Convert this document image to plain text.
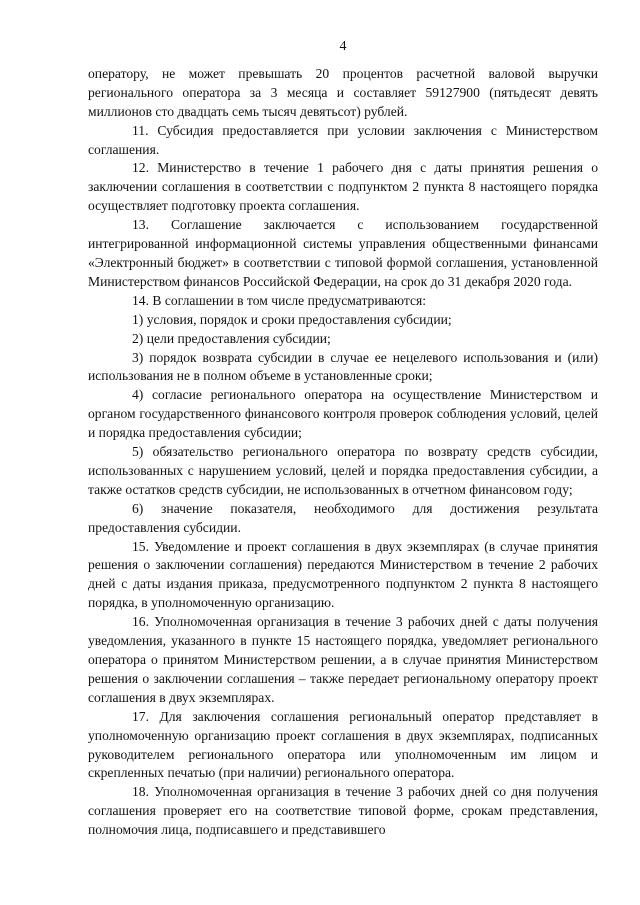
4

оператору, не может превышать 20 процентов расчетной валовой выручки регионального оператора за 3 месяца и составляет 59127900 (пятьдесят девять миллионов сто двадцать семь тысяч девятьсот) рублей.

11. Субсидия предоставляется при условии заключения с Министерством соглашения.

12. Министерство в течение 1 рабочего дня с даты принятия решения о заключении соглашения в соответствии с подпунктом 2 пункта 8 настоящего порядка осуществляет подготовку проекта соглашения.

13. Соглашение заключается с использованием государственной интегрированной информационной системы управления общественными финансами «Электронный бюджет» в соответствии с типовой формой соглашения, установленной Министерством финансов Российской Федерации, на срок до 31 декабря 2020 года.

14. В соглашении в том числе предусматриваются:

1) условия, порядок и сроки предоставления субсидии;

2) цели предоставления субсидии;

3) порядок возврата субсидии в случае ее нецелевого использования и (или) использования не в полном объеме в установленные сроки;

4) согласие регионального оператора на осуществление Министерством и органом государственного финансового контроля проверок соблюдения условий, целей и порядка предоставления субсидии;

5) обязательство регионального оператора по возврату средств субсидии, использованных с нарушением условий, целей и порядка предоставления субсидии, а также остатков средств субсидии, не использованных в отчетном финансовом году;

6) значение показателя, необходимого для достижения результата предоставления субсидии.

15. Уведомление и проект соглашения в двух экземплярах (в случае принятия решения о заключении соглашения) передаются Министерством в течение 2 рабочих дней с даты издания приказа, предусмотренного подпунктом 2 пункта 8 настоящего порядка, в уполномоченную организацию.

16. Уполномоченная организация в течение 3 рабочих дней с даты получения уведомления, указанного в пункте 15 настоящего порядка, уведомляет регионального оператора о принятом Министерством решении, а в случае принятия Министерством решения о заключении соглашения – также передает региональному оператору проект соглашения в двух экземплярах.

17. Для заключения соглашения региональный оператор представляет в уполномоченную организацию проект соглашения в двух экземплярах, подписанных руководителем регионального оператора или уполномоченным им лицом и скрепленных печатью (при наличии) регионального оператора.

18. Уполномоченная организация в течение 3 рабочих дней со дня получения соглашения проверяет его на соответствие типовой форме, срокам представления, полномочия лица, подписавшего и представившего
